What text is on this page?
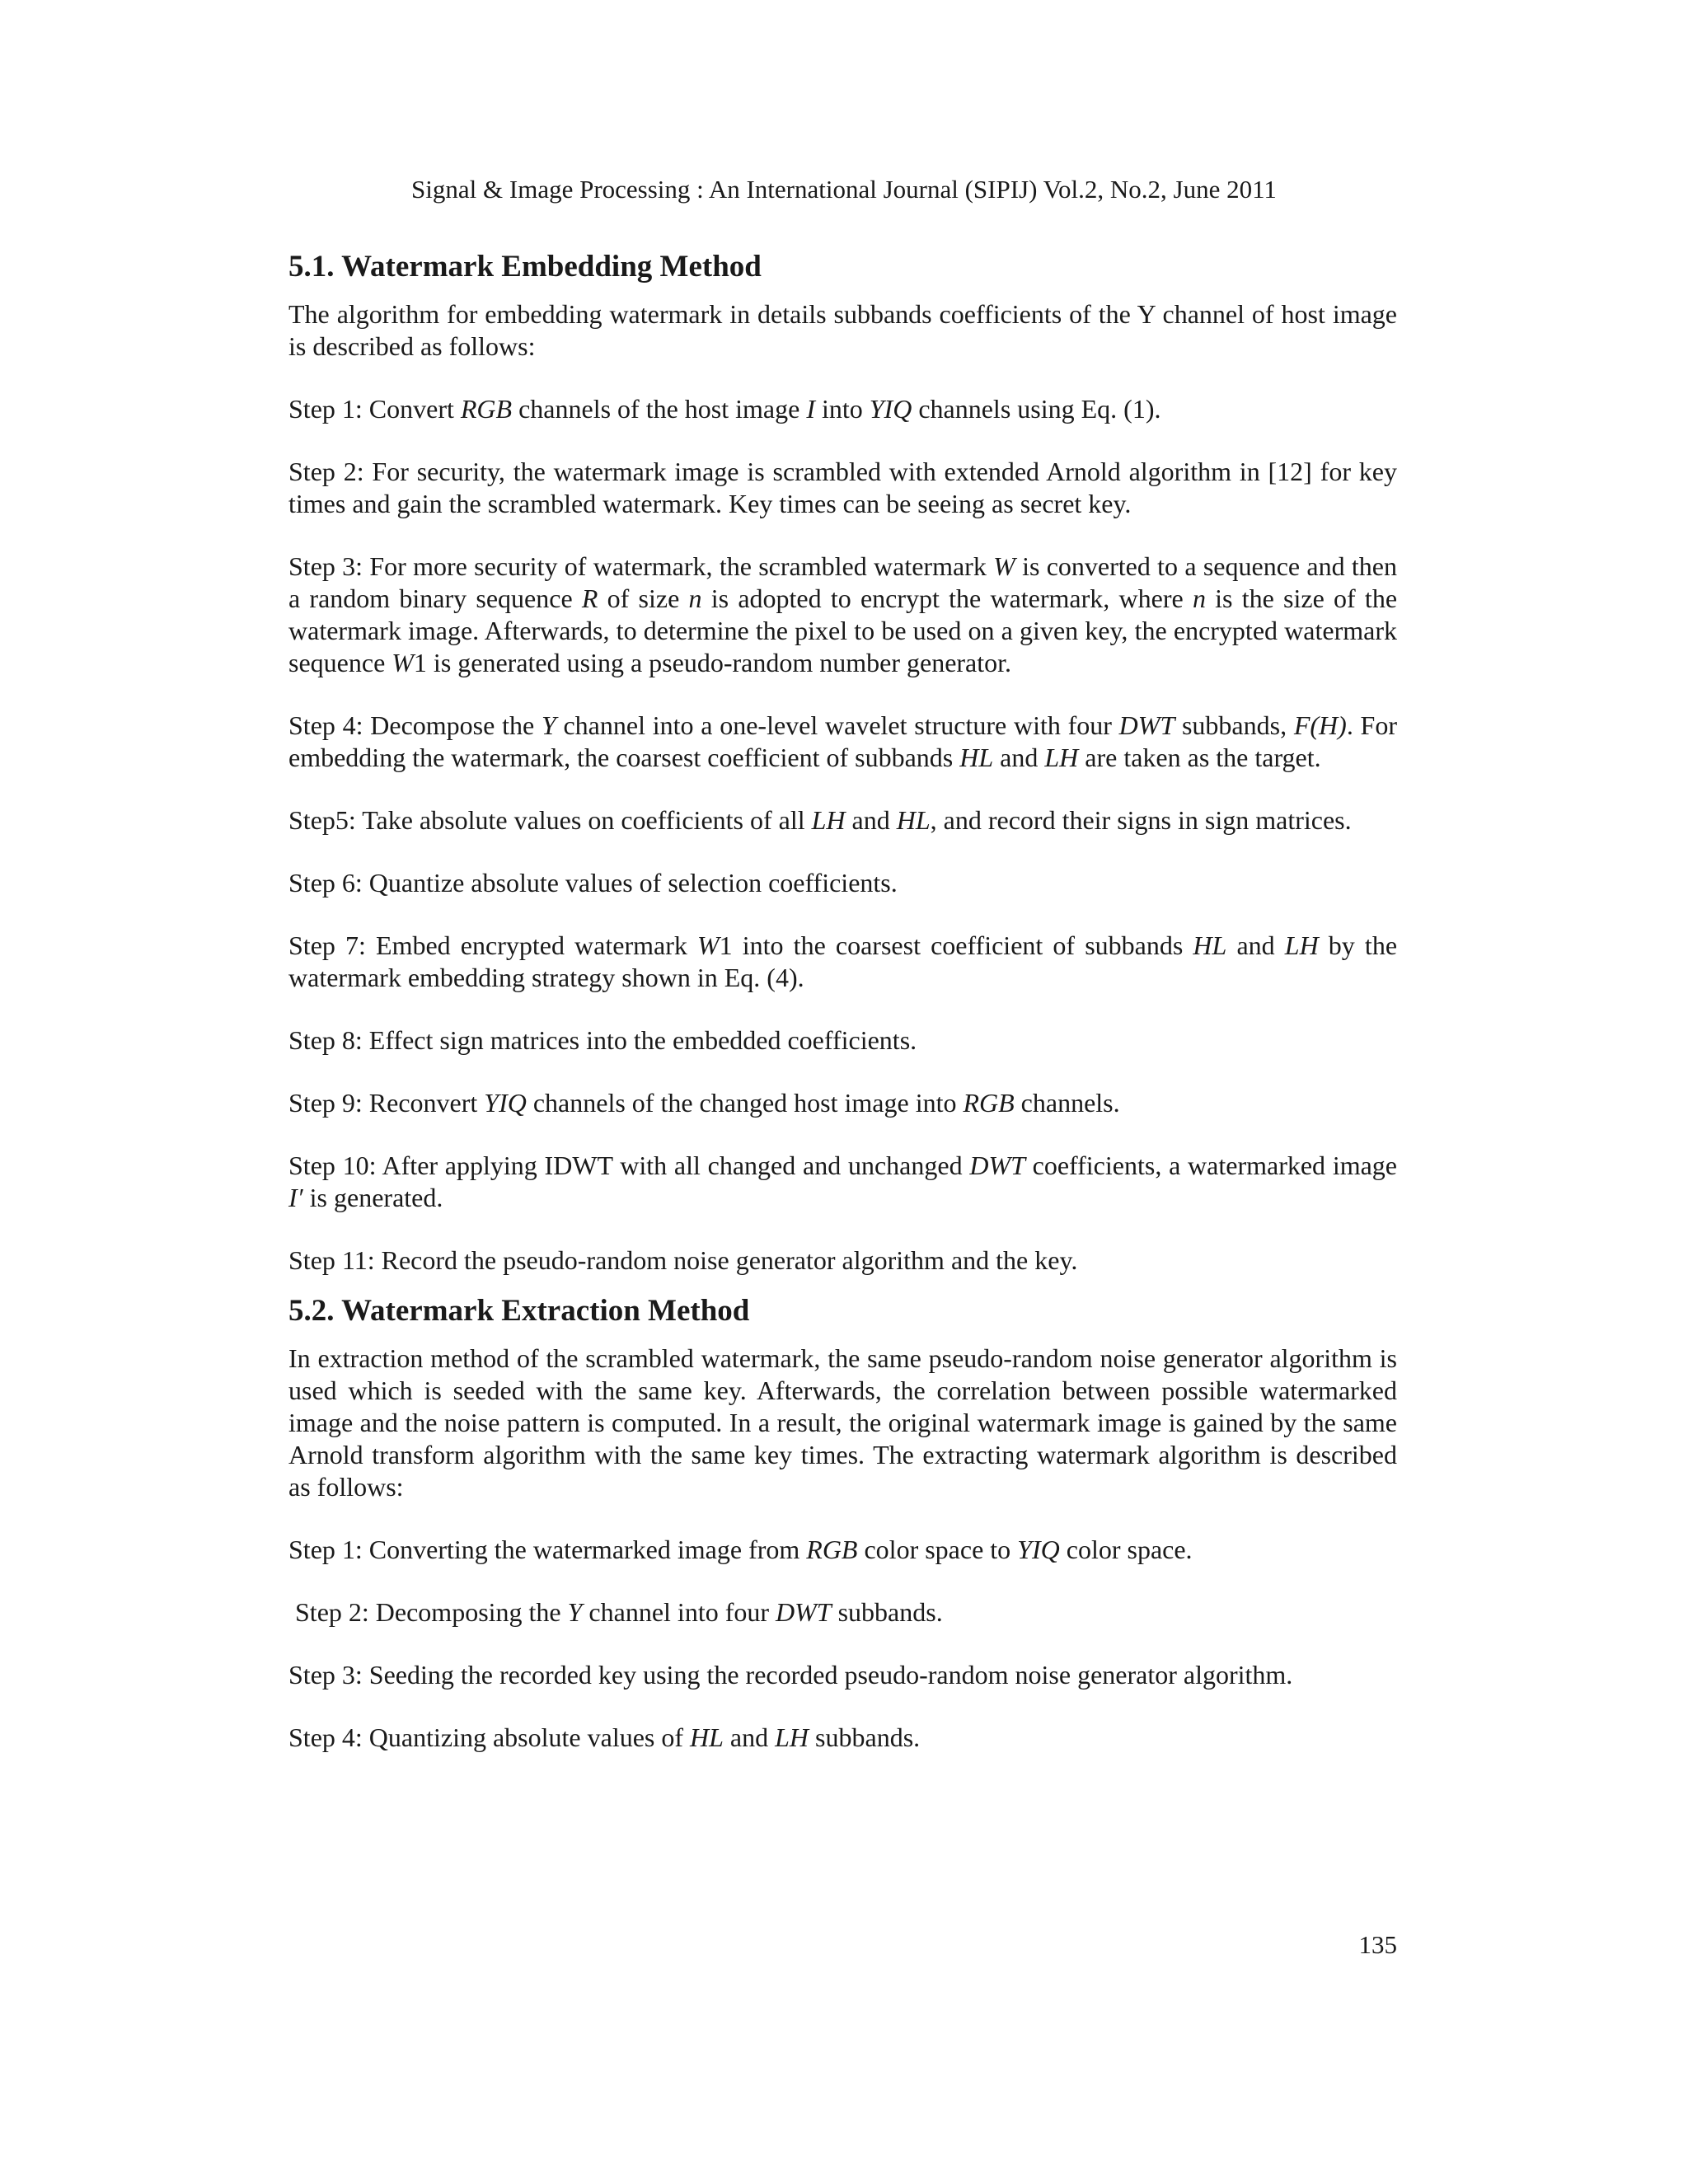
Signal & Image Processing : An International Journal (SIPIJ) Vol.2, No.2, June 2011
5.1. Watermark Embedding Method

The algorithm for embedding watermark in details subbands coefficients of the Y channel of host image is described as follows:

Step 1: Convert RGB channels of the host image I into YIQ channels using Eq. (1).

Step 2: For security, the watermark image is scrambled with extended Arnold algorithm in [12] for key times and gain the scrambled watermark. Key times can be seeing as secret key.

Step 3: For more security of watermark, the scrambled watermark W is converted to a sequence and then a random binary sequence R of size n is adopted to encrypt the watermark, where n is the size of the watermark image. Afterwards, to determine the pixel to be used on a given key, the encrypted watermark sequence W1 is generated using a pseudo-random number generator.

Step 4: Decompose the Y channel into a one-level wavelet structure with four DWT subbands, F(H). For embedding the watermark, the coarsest coefficient of subbands HL and LH are taken as the target.

Step5: Take absolute values on coefficients of all LH and HL, and record their signs in sign matrices.

Step 6: Quantize absolute values of selection coefficients.

Step 7: Embed encrypted watermark W1 into the coarsest coefficient of subbands HL and LH by the watermark embedding strategy shown in Eq. (4).

Step 8: Effect sign matrices into the embedded coefficients.

Step 9: Reconvert YIQ channels of the changed host image into RGB channels.

Step 10: After applying IDWT with all changed and unchanged DWT coefficients, a watermarked image I′ is generated.

Step 11: Record the pseudo-random noise generator algorithm and the key.

5.2. Watermark Extraction Method

In extraction method of the scrambled watermark, the same pseudo-random noise generator algorithm is used which is seeded with the same key. Afterwards, the correlation between possible watermarked image and the noise pattern is computed. In a result, the original watermark image is gained by the same Arnold transform algorithm with the same key times. The extracting watermark algorithm is described as follows:

Step 1: Converting the watermarked image from RGB color space to YIQ color space.

Step 2: Decomposing the Y channel into four DWT subbands.

Step 3: Seeding the recorded key using the recorded pseudo-random noise generator algorithm.

Step 4: Quantizing absolute values of HL and LH subbands.

135
